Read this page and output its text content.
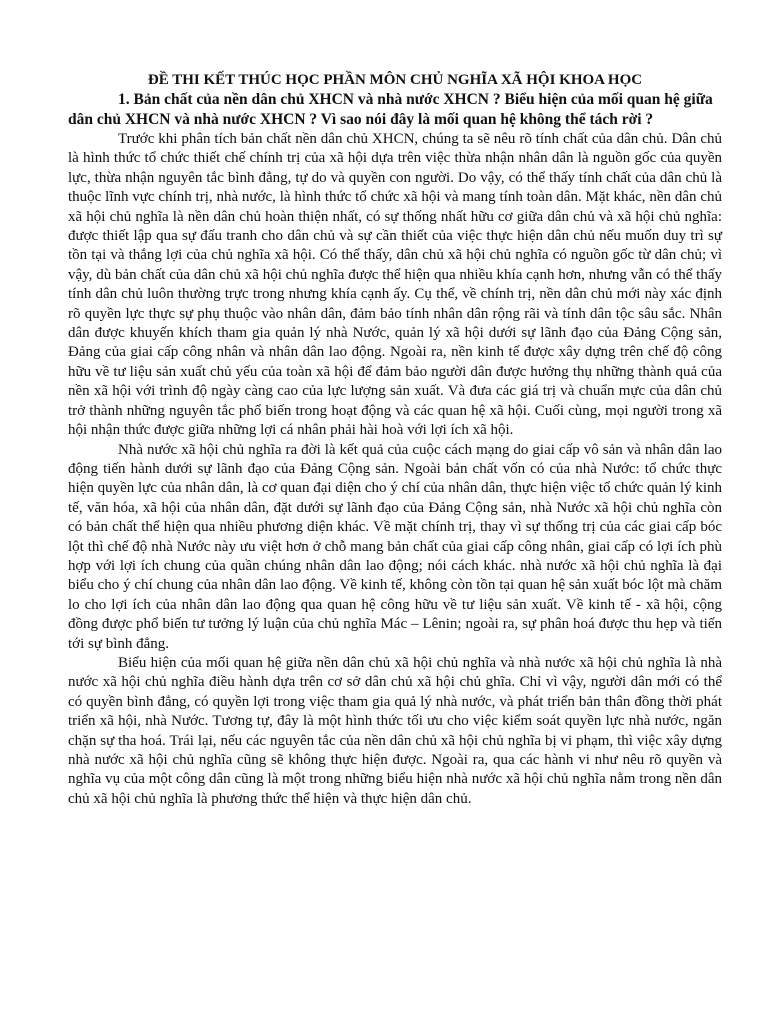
ĐỀ THI KẾT THÚC HỌC PHẦN MÔN CHỦ NGHĨA XÃ HỘI KHOA HỌC

1. Bản chất của nền dân chủ XHCN và nhà nước XHCN ? Biểu hiện của mối quan hệ giữa dân chủ XHCN và nhà nước XHCN ? Vì sao nói đây là mối quan hệ không thể tách rời ?

Trước khi phân tích bản chất nền dân chủ XHCN, chúng ta sẽ nêu rõ tính chất của dân chủ. Dân chủ là hình thức tổ chức thiết chế chính trị của xã hội dựa trên việc thừa nhận nhân dân là nguồn gốc của quyền lực, thừa nhận nguyên tắc bình đẳng, tự do và quyền con người. Do vậy, có thể thấy tính chất của dân chủ là thuộc lĩnh vực chính trị, nhà nước, là hình thức tổ chức xã hội và mang tính toàn dân. Mặt khác, nền dân chủ xã hội chủ nghĩa là nền dân chủ hoàn thiện nhất, có sự thống nhất hữu cơ giữa dân chủ và xã hội chủ nghĩa: được thiết lập qua sự đấu tranh cho dân chủ và sự cần thiết của việc thực hiện dân chủ nếu muốn duy trì sự tồn tại và thắng lợi của chủ nghĩa xã hội. Có thể thấy, dân chủ xã hội chủ nghĩa có nguồn gốc từ dân chủ; vì vậy, dù bản chất của dân chủ xã hội chủ nghĩa được thể hiện qua nhiều khía cạnh hơn, nhưng vẫn có thể thấy tính dân chủ luôn thường trực trong nhưng khía cạnh ấy. Cụ thể, về chính trị, nền dân chủ mới này xác định rõ quyền lực thực sự phụ thuộc vào nhân dân, đảm bảo tính nhân dân rộng rãi và tính dân tộc sâu sắc. Nhân dân được khuyến khích tham gia quản lý nhà Nước, quản lý xã hội dưới sự lãnh đạo của Đảng Cộng sản, Đảng của giai cấp công nhân và nhân dân lao động. Ngoài ra, nền kinh tế được xây dựng trên chế độ công hữu về tư liệu sản xuất chủ yếu của toàn xã hội để đảm bảo người dân được hưởng thụ những thành quả của nền xã hội với trình độ ngày càng cao của lực lượng sản xuất. Và đưa các giá trị và chuẩn mực của dân chủ trở thành những nguyên tắc phổ biến trong hoạt động và các quan hệ xã hội. Cuối cùng, mọi người trong xã hội nhận thức được giữa những lợi cá nhân phải hài hoà với lợi ích xã hội.

Nhà nước xã hội chủ nghĩa ra đời là kết quả của cuộc cách mạng do giai cấp vô sản và nhân dân lao động tiến hành dưới sự lãnh đạo của Đảng Cộng sản. Ngoài bản chất vốn có của nhà Nước: tổ chức thực hiện quyền lực của nhân dân, là cơ quan đại diện cho ý chí của nhân dân, thực hiện việc tổ chức quản lý kinh tế, văn hóa, xã hội của nhân dân, đặt dưới sự lãnh đạo của Đảng Cộng sản, nhà Nước xã hội chủ nghĩa còn có bản chất thể hiện qua nhiều phương diện khác. Về mặt chính trị, thay vì sự thống trị của các giai cấp bóc lột thì chế độ nhà Nước này ưu việt hơn ở chỗ mang bản chất của giai cấp công nhân, giai cấp có lợi ích phù hợp với lợi ích chung của quần chúng nhân dân lao động; nói cách khác. nhà nước xã hội chủ nghĩa là đại biểu cho ý chí chung của nhân dân lao động. Về kinh tế, không còn tồn tại quan hệ sản xuất bóc lột mà chăm lo cho lợi ích của nhân dân lao động qua quan hệ công hữu về tư liệu sản xuất. Về kinh tế - xã hội, cộng đồng được phổ biến tư tưởng lý luận của chủ nghĩa Mác – Lênin; ngoài ra, sự phân hoá được thu hẹp và tiến tới sự bình đẳng.

Biểu hiện của mối quan hệ giữa nền dân chủ xã hội chủ nghĩa và nhà nước xã hội chủ nghĩa là nhà nước xã hội chủ nghĩa điều hành dựa trên cơ sở dân chủ xã hội chủ ghĩa. Chỉ vì vậy, người dân mới có thể có quyền bình đẳng, có quyền lợi trong việc tham gia quả lý nhà nước, và phát triển bản thân đồng thời phát triển xã hội, nhà Nước. Tương tự, đây là một hình thức tối ưu cho việc kiểm soát quyền lực nhà nước, ngăn chặn sự tha hoá. Trái lại, nếu các nguyên tắc của nền dân chủ xã hội chủ nghĩa bị vi phạm, thì việc xây dựng nhà nước xã hội chủ nghĩa cũng sẽ không thực hiện được. Ngoài ra, qua các hành vi như nêu rõ quyền và nghĩa vụ của một công dân cũng là một trong những biểu hiện nhà nước xã hội chủ nghĩa nằm trong nền dân chủ xã hội chủ nghĩa là phương thức thể hiện và thực hiện dân chủ.
